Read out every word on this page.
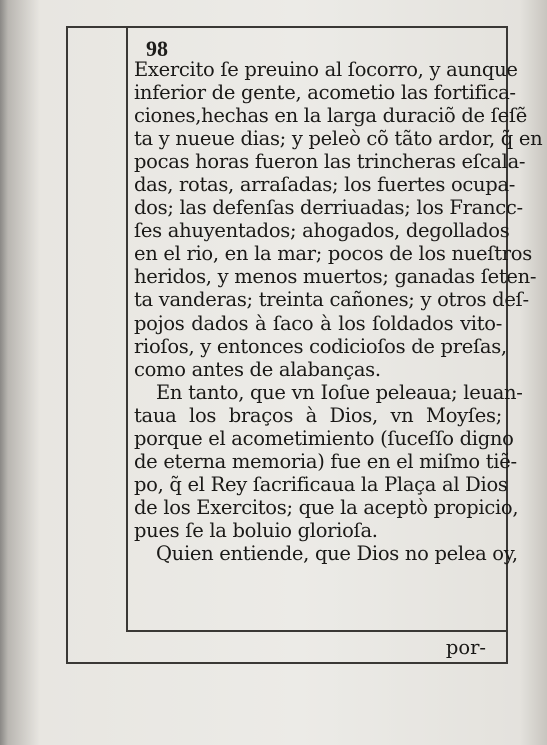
98
Exercito ſe preuino al ſocorro, y aunque
inferior de gente, acometio las fortifica-
ciones,hechas en la larga duraciõ de ſeſẽ
ta y nueue dias; y peleò cõ tãto ardor, q̃ en
pocas horas fueron las trincheras eſcala-
das, rotas, arraſadas; los fuertes ocupa-
dos; las defenſas derriuadas; los Francc-
ſes ahuyentados; ahogados, degollados
en el rio, en la mar; pocos de los nueſtros
heridos, y menos muertos; ganadas ſeten-
ta vanderas; treinta cañones; y otros deſ-
pojos dados à ſaco à los ſoldados vito-
rioſos, y entonces codicioſos de preſas,
como antes de alabanças.
En tanto, que vn Ioſue peleaua; leuan-
taua los braços à Dios, vn Moyſes;
porque el acometimiento (ſuceſſo digno
de eterna memoria) fue en el miſmo tiẽ-
po, q̃ el Rey ſacrificaua la Plaça al Dios
de los Exercitos; que la aceptò propicio,
pues ſe la boluio glorioſa.
Quien entiende, que Dios no pelea oy,
por-
